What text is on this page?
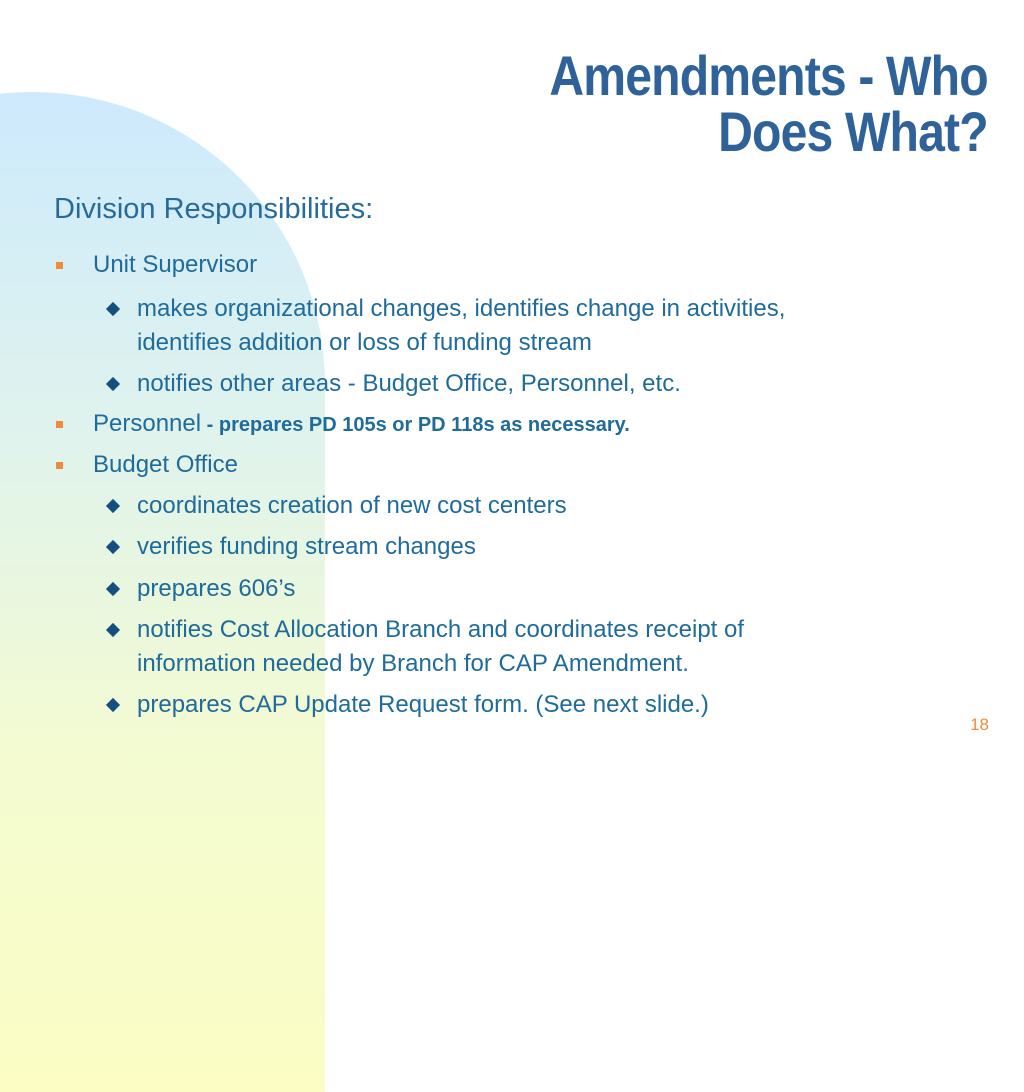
Amendments - Who
Does What?
Division Responsibilities:
Unit Supervisor
makes organizational changes, identifies change in activities,
identifies addition or loss of funding stream
notifies other areas - Budget Office, Personnel, etc.
Personnel - prepares PD 105s or PD 118s as necessary.
Budget Office
coordinates creation of new cost centers
verifies funding stream changes
prepares 606’s
notifies Cost Allocation Branch and coordinates receipt of
information needed by Branch for CAP Amendment.
prepares CAP Update Request form. (See next slide.)
18
